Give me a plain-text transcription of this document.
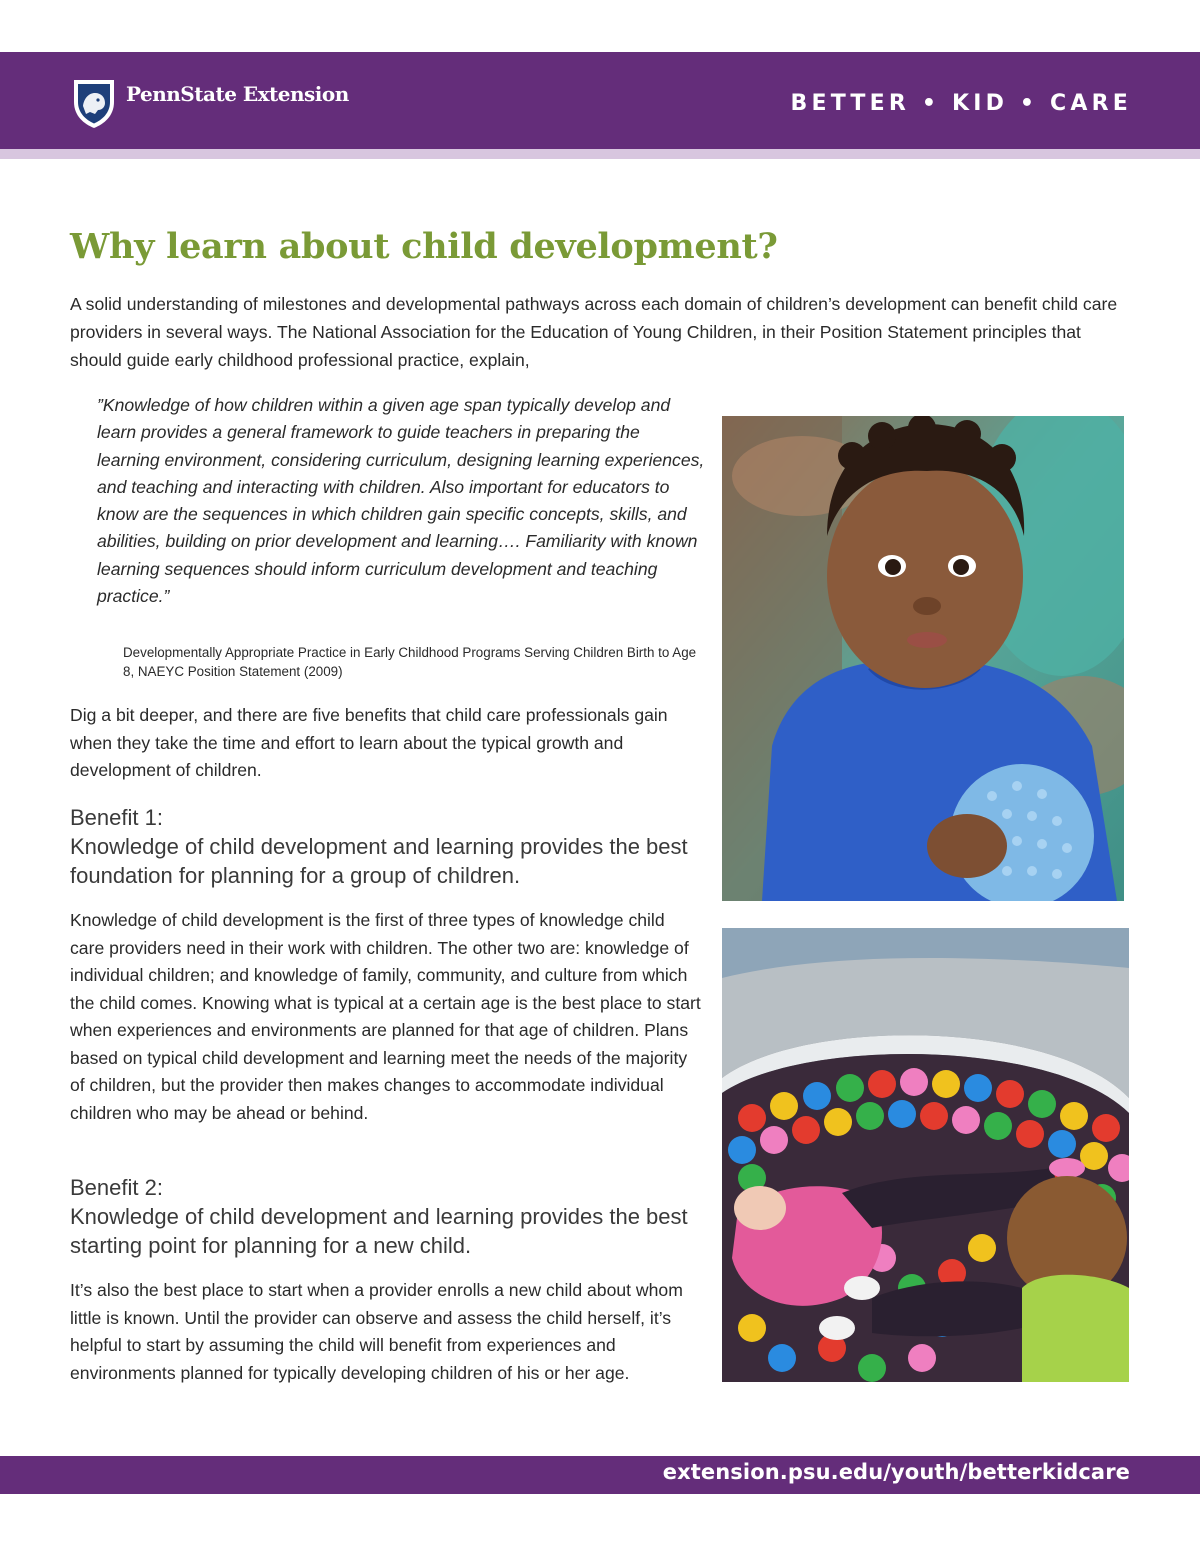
PennState Extension	BETTER • KID • CARE
Why learn about child development?

A solid understanding of milestones and developmental pathways across each domain of children’s development can benefit child care providers in several ways. The National Association for the Education of Young Children, in their Position Statement principles that should guide early childhood professional practice, explain,

”Knowledge of how children within a given age span typically develop and learn provides a general framework to guide teachers in preparing the learning environment, considering curriculum, designing learning experiences, and teaching and interacting with children. Also important for educators to know are the sequences in which children gain specific concepts, skills, and abilities, building on prior development and learning…. Familiarity with known learning sequences should inform curriculum development and teaching practice.”

Developmentally Appropriate Practice in Early Childhood Programs Serving Children Birth to Age 8, NAEYC Position Statement (2009)

Dig a bit deeper, and there are five benefits that child care professionals gain when they take the time and effort to learn about the typical growth and development of children.

Benefit 1:
Knowledge of child development and learning provides the best foundation for planning for a group of children.

Knowledge of child development is the first of three types of knowledge child care providers need in their work with children. The other two are: knowledge of individual children; and knowledge of family, community, and culture from which the child comes. Knowing what is typical at a certain age is the best place to start when experiences and environments are planned for that age of children. Plans based on typical child development and learning meet the needs of the majority of children, but the provider then makes changes to accommodate individual children who may be ahead or behind.

Benefit 2:
Knowledge of child development and learning provides the best starting point for planning for a new child.

It’s also the best place to start when a provider enrolls a new child about whom little is known. Until the provider can observe and assess the child herself, it’s helpful to start by assuming the child will benefit from experiences and environments planned for typically developing children of his or her age.

extension.psu.edu/youth/betterkidcare
